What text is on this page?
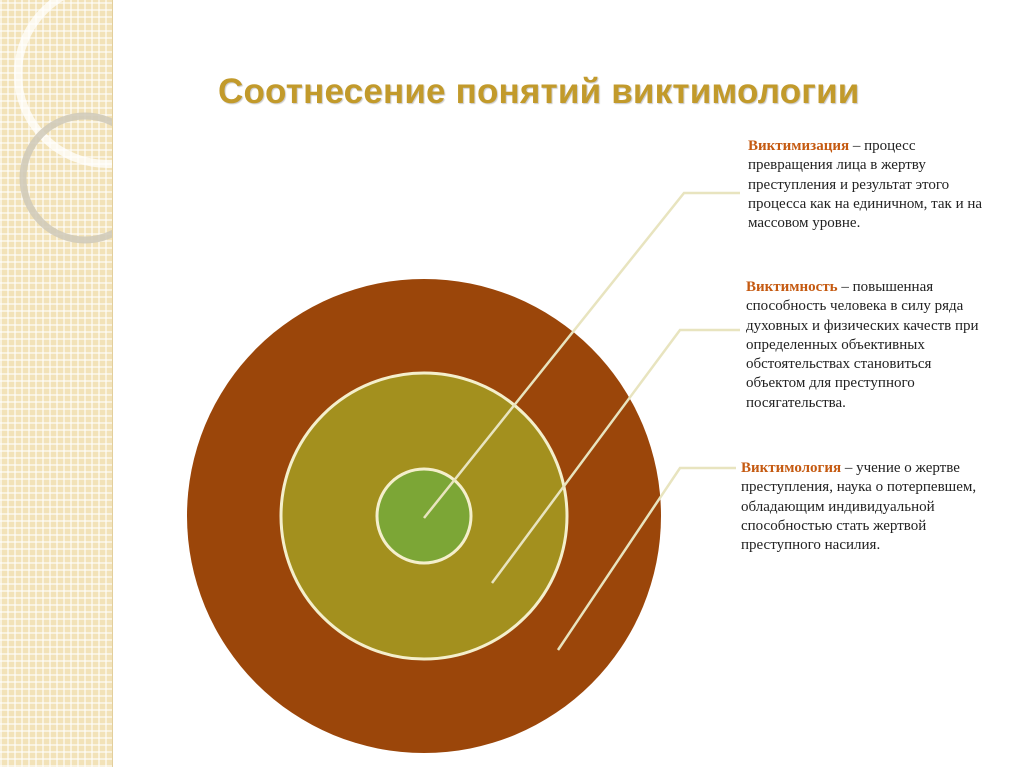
Соотнесение понятий виктимологии
Виктимизация – процесс превращения лица в жертву преступления и результат этого процесса как на единичном, так и на массовом уровне.
Виктимность – повышенная способность человека в силу ряда духовных и физических качеств при определенных объективных обстоятельствах становиться объектом для преступного посягательства.
Виктимология – учение о жертве преступления, наука о потерпевшем, обладающим индивидуальной способностью стать жертвой преступного насилия.
